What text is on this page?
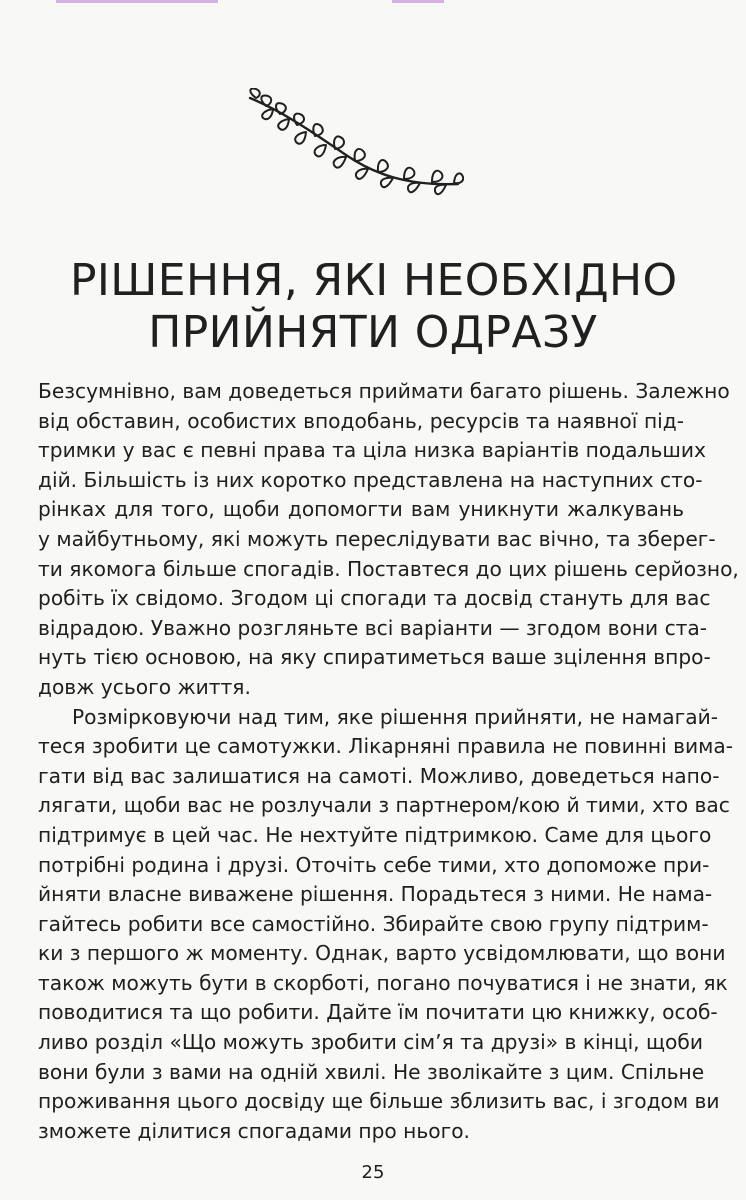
РІШЕННЯ, ЯКІ НЕОБХІДНО
ПРИЙНЯТИ ОДРАЗУ
Безсумнівно, вам доведеться приймати багато рішень. Залежно
від обставин, особистих вподобань, ресурсів та наявної під-
тримки у вас є певні права та ціла низка варіантів подальших
дій. Більшість із них коротко представлена на наступних сто-
рінках для того, щоби допомогти вам уникнути жалкувань
у майбутньому, які можуть переслідувати вас вічно, та зберег-
ти якомога більше спогадів. Поставтеся до цих рішень серйозно,
робіть їх свідомо. Згодом ці спогади та досвід стануть для вас
відрадою. Уважно розгляньте всі варіанти — згодом вони ста-
нуть тією основою, на яку спиратиметься ваше зцілення впро-
довж усього життя.
Розмірковуючи над тим, яке рішення прийняти, не намагай-
теся зробити це самотужки. Лікарняні правила не повинні вима-
гати від вас залишатися на самоті. Можливо, доведеться напо-
лягати, щоби вас не розлучали з партнером/кою й тими, хто вас
підтримує в цей час. Не нехтуйте підтримкою. Саме для цього
потрібні родина і друзі. Оточіть себе тими, хто допоможе при-
йняти власне виважене рішення. Порадьтеся з ними. Не нама-
гайтесь робити все самостійно. Збирайте свою групу підтрим-
ки з першого ж моменту. Однак, варто усвідомлювати, що вони
також можуть бути в скорботі, погано почуватися і не знати, як
поводитися та що робити. Дайте їм почитати цю книжку, особ-
ливо розділ «Що можуть зробити сім’я та друзі» в кінці, щоби
вони були з вами на одній хвилі. Не зволікайте з цим. Спільне
проживання цього досвіду ще більше зблизить вас, і згодом ви
зможете ділитися спогадами про нього.
25
